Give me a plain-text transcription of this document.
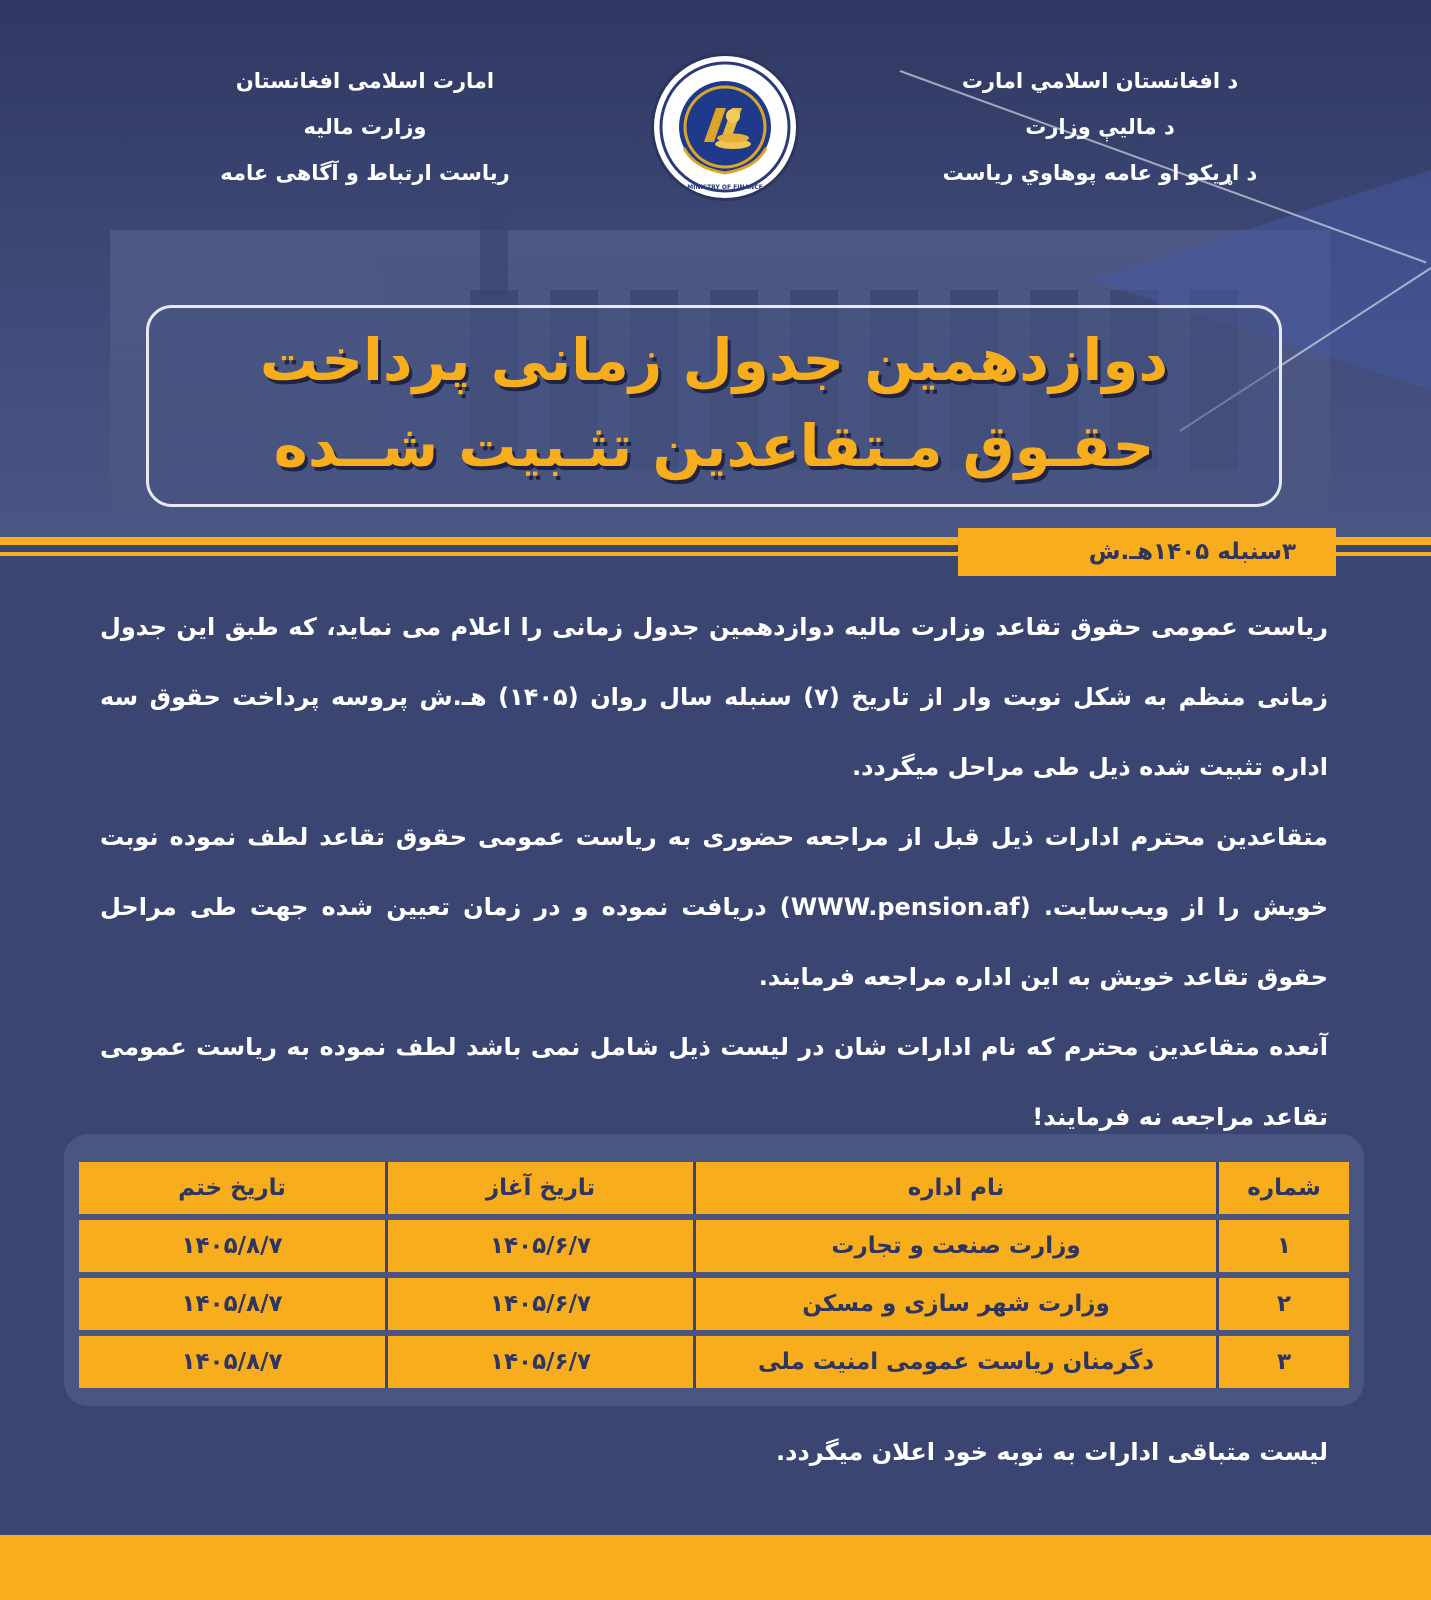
امارت اسلامی افغانستان
وزارت مالیه
ریاست ارتباط و آگاهی عامه
MINISTRY OF FINANCE
د افغانستان اسلامي امارت
د ماليې وزارت
د اړيکو او عامه پوهاوي رياست
دوازدهمین جدول زمانی پرداخت
حقـوق مـتقاعدین تثـبیت شــده
۳سنبله ۱۴۰۵هـ.ش

ریاست عمومی حقوق تقاعد وزارت مالیه دوازدهمین جدول زمانی را اعلام می نماید، که طبق این جدول زمانی منظم به شکل نوبت وار از تاریخ (۷) سنبله سال روان (۱۴۰۵) هـ.ش پروسه پرداخت حقوق سه اداره تثبیت شده ذیل طی مراحل میگردد.

متقاعدین محترم ادارات ذیل قبل از مراجعه حضوری به ریاست عمومی حقوق تقاعد لطف نموده نوبت خویش را از ویب‌سایت. (WWW.pension.af) دریافت نموده و در زمان تعیین شده جهت طی مراحل حقوق تقاعد خویش به این اداره مراجعه فرمایند.

آنعده متقاعدین محترم که نام ادارات شان در لیست ذیل شامل نمی باشد لطف نموده به ریاست عمومی تقاعد مراجعه نه فرمایند!

شماره	نام اداره	تاریخ آغاز	تاریخ ختم
۱	وزارت صنعت و تجارت	۱۴۰۵/۶/۷	۱۴۰۵/۸/۷
۲	وزارت شهر سازی و مسکن	۱۴۰۵/۶/۷	۱۴۰۵/۸/۷
۳	دگرمنان ریاست عمومی امنیت ملی	۱۴۰۵/۶/۷	۱۴۰۵/۸/۷
لیست متباقی ادارات به نوبه خود اعلان میگردد.
